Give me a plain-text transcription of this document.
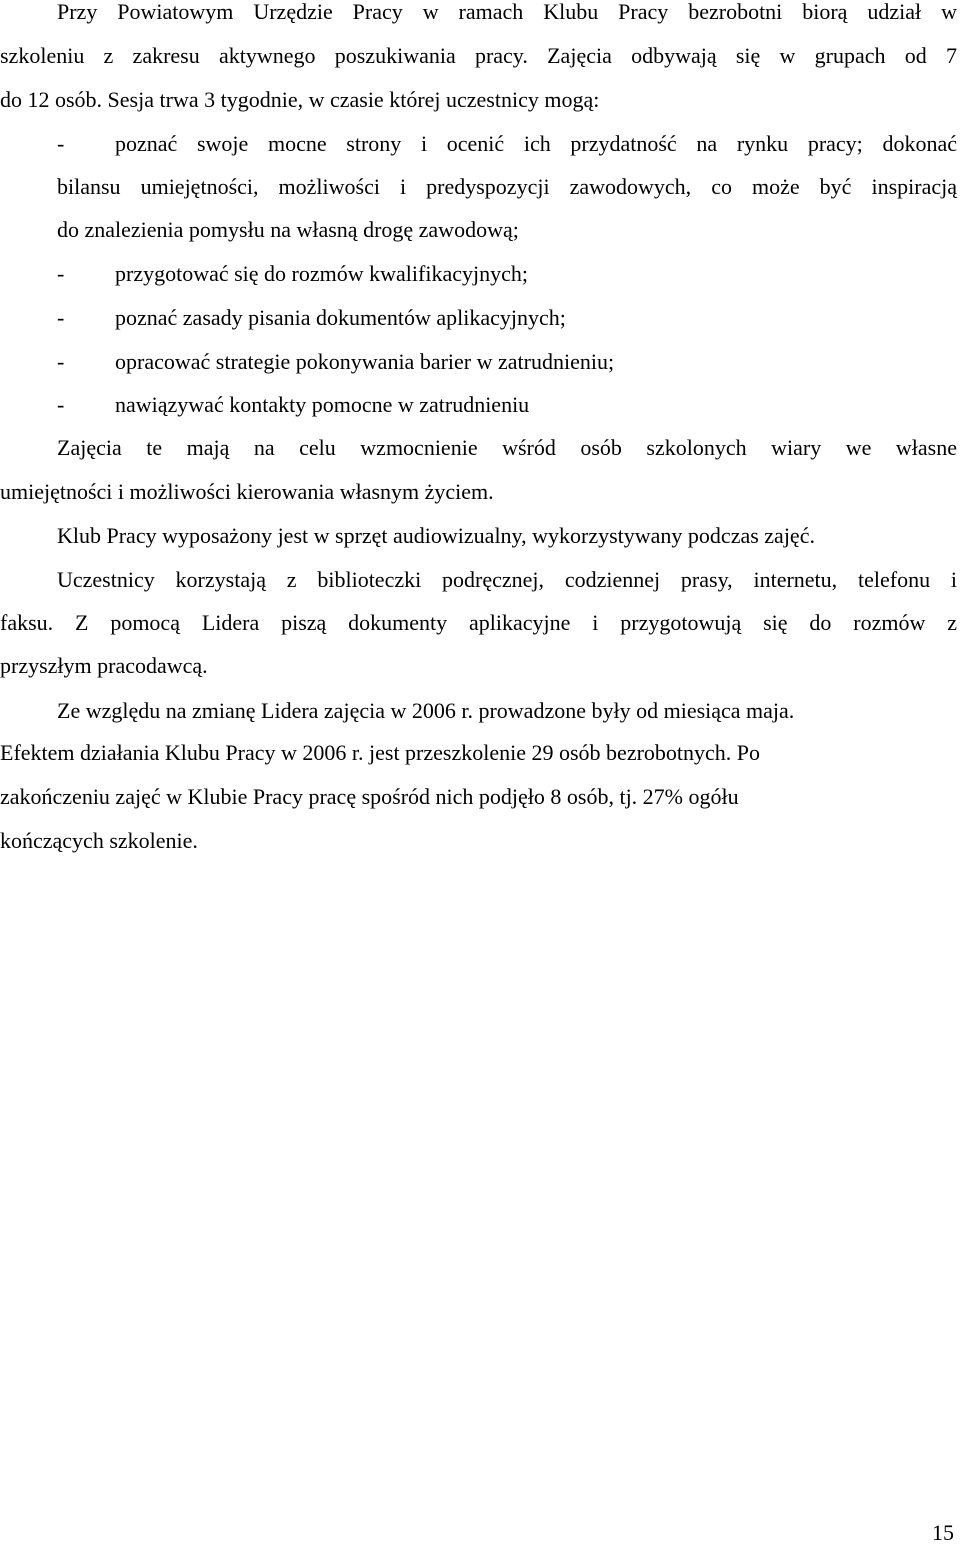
Przy Powiatowym Urzędzie Pracy w ramach Klubu Pracy bezrobotni biorą udział w
szkoleniu z zakresu aktywnego poszukiwania pracy. Zajęcia odbywają się w grupach od 7
do 12 osób. Sesja trwa 3 tygodnie, w czasie której uczestnicy mogą:
- poznać swoje mocne strony i ocenić ich przydatność na rynku pracy; dokonać
bilansu umiejętności, możliwości i predyspozycji zawodowych, co może być inspiracją
do znalezienia pomysłu na własną drogę zawodową;
- przygotować się do rozmów kwalifikacyjnych;
- poznać zasady pisania dokumentów aplikacyjnych;
- opracować strategie pokonywania barier w zatrudnieniu;
- nawiązywać kontakty pomocne w zatrudnieniu
Zajęcia te mają na celu wzmocnienie wśród osób szkolonych wiary we własne
umiejętności i możliwości kierowania własnym życiem.
Klub Pracy wyposażony jest w sprzęt audiowizualny, wykorzystywany podczas zajęć.
Uczestnicy korzystają z biblioteczki podręcznej, codziennej prasy, internetu, telefonu i
faksu. Z pomocą Lidera piszą dokumenty aplikacyjne i przygotowują się do rozmów z
przyszłym pracodawcą.
Ze względu na zmianę Lidera zajęcia w 2006 r. prowadzone były od miesiąca maja.
Efektem działania Klubu Pracy w 2006 r. jest przeszkolenie 29 osób bezrobotnych. Po
zakończeniu zajęć w Klubie Pracy pracę spośród nich podjęło 8 osób, tj. 27% ogółu
kończących szkolenie.
15
